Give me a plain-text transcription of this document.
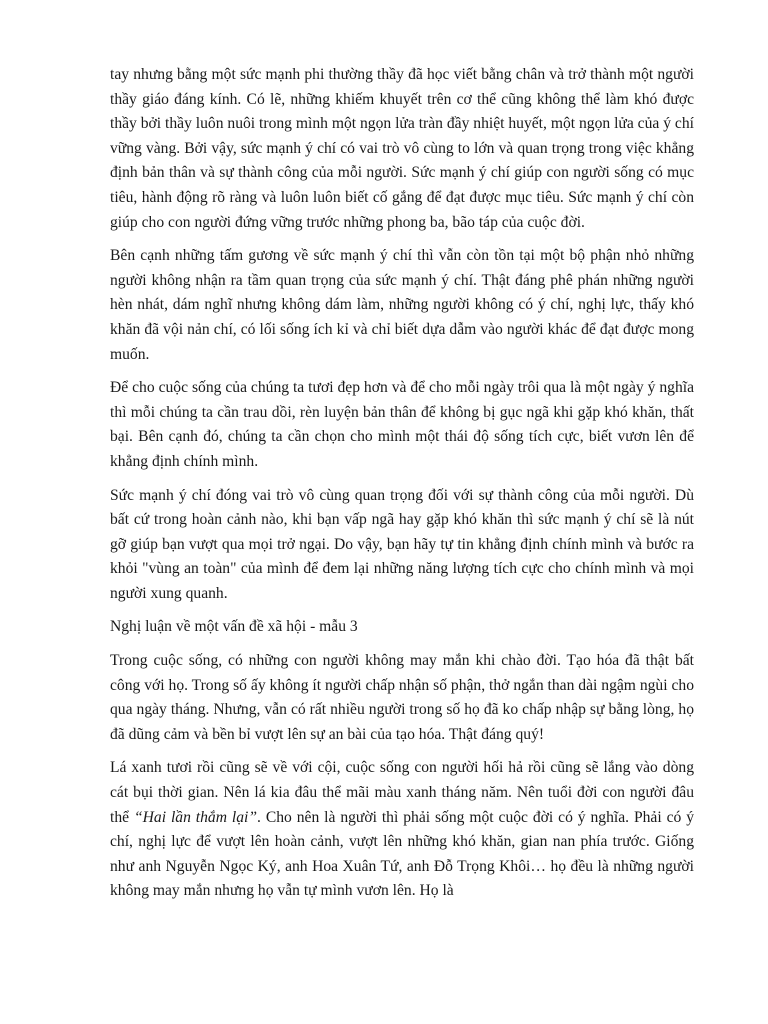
tay nhưng bằng một sức mạnh phi thường thầy đã học viết bằng chân và trở thành một người thầy giáo đáng kính. Có lẽ, những khiếm khuyết trên cơ thể cũng không thể làm khó được thầy bởi thầy luôn nuôi trong mình một ngọn lửa tràn đầy nhiệt huyết, một ngọn lửa của ý chí vững vàng. Bởi vậy, sức mạnh ý chí có vai trò vô cùng to lớn và quan trọng trong việc khẳng định bản thân và sự thành công của mỗi người. Sức mạnh ý chí giúp con người sống có mục tiêu, hành động rõ ràng và luôn luôn biết cố gắng để đạt được mục tiêu. Sức mạnh ý chí còn giúp cho con người đứng vững trước những phong ba, bão táp của cuộc đời.

Bên cạnh những tấm gương về sức mạnh ý chí thì vẫn còn tồn tại một bộ phận nhỏ những người không nhận ra tầm quan trọng của sức mạnh ý chí. Thật đáng phê phán những người hèn nhát, dám nghĩ nhưng không dám làm, những người không có ý chí, nghị lực, thấy khó khăn đã vội nản chí, có lối sống ích kỉ và chỉ biết dựa dẫm vào người khác để đạt được mong muốn.

Để cho cuộc sống của chúng ta tươi đẹp hơn và để cho mỗi ngày trôi qua là một ngày ý nghĩa thì mỗi chúng ta cần trau dồi, rèn luyện bản thân để không bị gục ngã khi gặp khó khăn, thất bại. Bên cạnh đó, chúng ta cần chọn cho mình một thái độ sống tích cực, biết vươn lên để khẳng định chính mình.

Sức mạnh ý chí đóng vai trò vô cùng quan trọng đối với sự thành công của mỗi người. Dù bất cứ trong hoàn cảnh nào, khi bạn vấp ngã hay gặp khó khăn thì sức mạnh ý chí sẽ là nút gỡ giúp bạn vượt qua mọi trở ngại. Do vậy, bạn hãy tự tin khẳng định chính mình và bước ra khỏi "vùng an toàn" của mình để đem lại những năng lượng tích cực cho chính mình và mọi người xung quanh.

Nghị luận về một vấn đề xã hội - mẫu 3

Trong cuộc sống, có những con người không may mắn khi chào đời. Tạo hóa đã thật bất công với họ. Trong số ấy không ít người chấp nhận số phận, thở ngắn than dài ngậm ngùi cho qua ngày tháng. Nhưng, vẫn có rất nhiều người trong số họ đã ko chấp nhập sự bằng lòng, họ đã dũng cảm và bền bỉ vượt lên sự an bài của tạo hóa. Thật đáng quý!

Lá xanh tươi rồi cũng sẽ về với cội, cuộc sống con người hối hả rồi cũng sẽ lắng vào dòng cát bụi thời gian. Nên lá kia đâu thể mãi màu xanh tháng năm. Nên tuổi đời con người đâu thể “Hai lần thắm lại”. Cho nên là người thì phải sống một cuộc đời có ý nghĩa. Phải có ý chí, nghị lực để vượt lên hoàn cảnh, vượt lên những khó khăn, gian nan phía trước. Giống như anh Nguyễn Ngọc Ký, anh Hoa Xuân Tứ, anh Đỗ Trọng Khôi… họ đều là những người không may mắn nhưng họ vẫn tự mình vươn lên. Họ là
